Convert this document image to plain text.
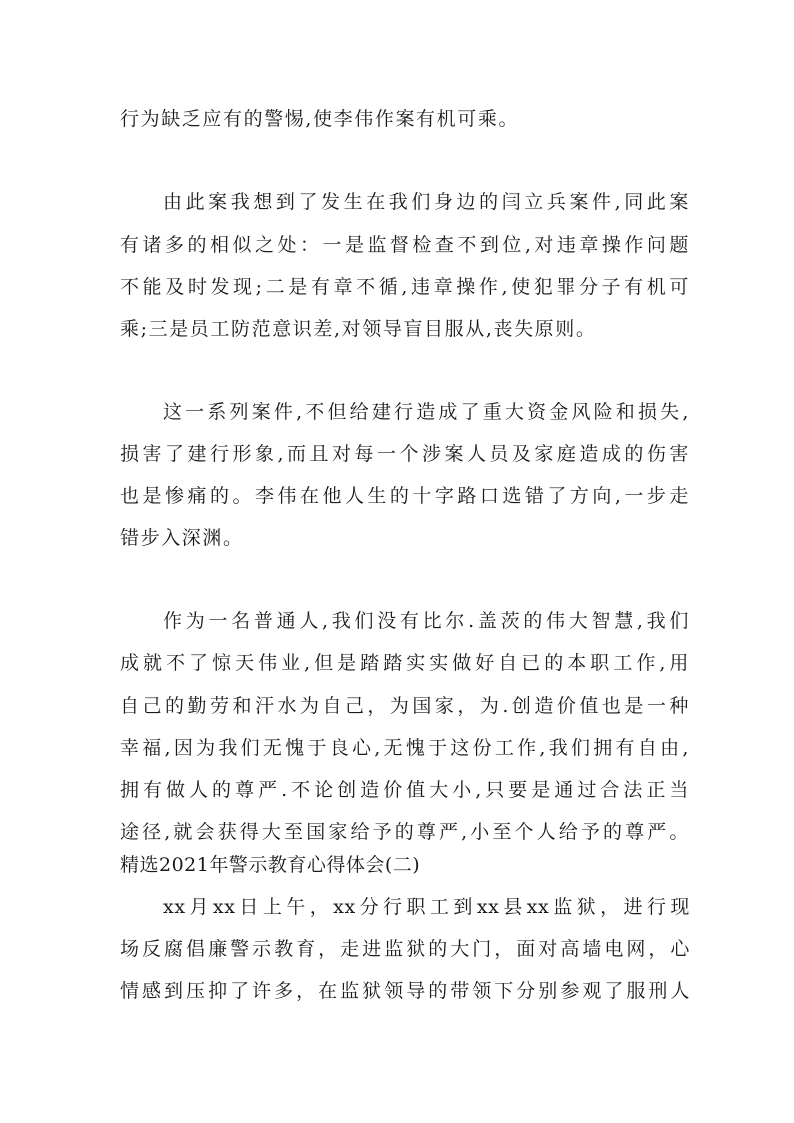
行为缺乏应有的警惕,使李伟作案有机可乘。
由此案我想到了发生在我们身边的闫立兵案件,同此案
有诸多的相似之处：一是监督检查不到位,对违章操作问题
不能及时发现;二是有章不循,违章操作,使犯罪分子有机可
乘;三是员工防范意识差,对领导盲目服从,丧失原则。
这一系列案件,不但给建行造成了重大资金风险和损失,
损害了建行形象,而且对每一个涉案人员及家庭造成的伤害
也是惨痛的。李伟在他人生的十字路口选错了方向,一步走
错步入深渊。
作为一名普通人,我们没有比尔.盖茨的伟大智慧,我们
成就不了惊天伟业,但是踏踏实实做好自已的本职工作,用
自己的勤劳和汗水为自己，为国家，为.创造价值也是一种
幸福,因为我们无愧于良心,无愧于这份工作,我们拥有自由,
拥有做人的尊严.不论创造价值大小,只要是通过合法正当
途径,就会获得大至国家给予的尊严,小至个人给予的尊严。
精选2021年警示教育心得体会(二)
xx月xx日上午，xx分行职工到xx县xx监狱，进行现
场反腐倡廉警示教育，走进监狱的大门，面对高墙电网，心
情感到压抑了许多，在监狱领导的带领下分别参观了服刑人
